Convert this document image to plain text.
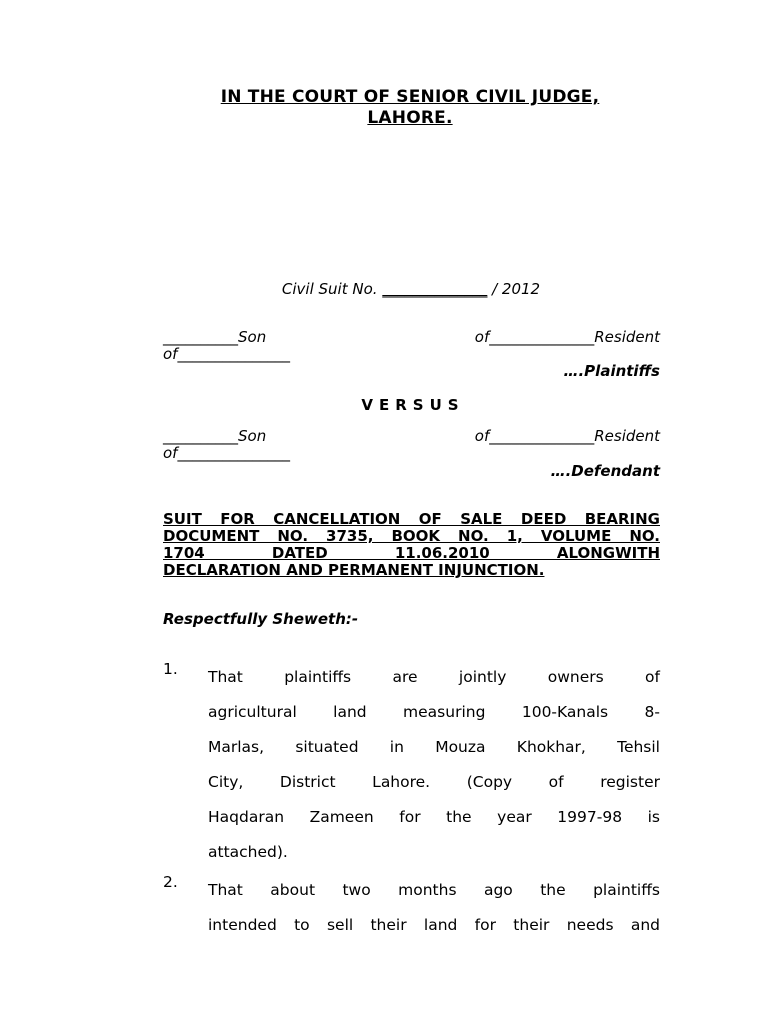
IN THE COURT OF SENIOR CIVIL JUDGE,
LAHORE.
Civil Suit No. ______________ / 2012
__________Son	of______________Resident
of_______________
….Plaintiffs
VERSUS
__________Son	of______________Resident
of_______________
….Defendant
SUIT FOR CANCELLATION OF SALE DEED BEARING
DOCUMENT NO. 3735, BOOK NO. 1, VOLUME NO.
1704 DATED 11.06.2010 ALONGWITH
DECLARATION AND PERMANENT INJUNCTION.
Respectfully Sheweth:-
1. That plaintiffs are jointly owners of
agricultural land measuring 100-Kanals 8-
Marlas, situated in Mouza Khokhar, Tehsil
City, District Lahore. (Copy of register
Haqdaran Zameen for the year 1997-98 is
attached).
2. That about two months ago the plaintiffs
intended to sell their land for their needs and
